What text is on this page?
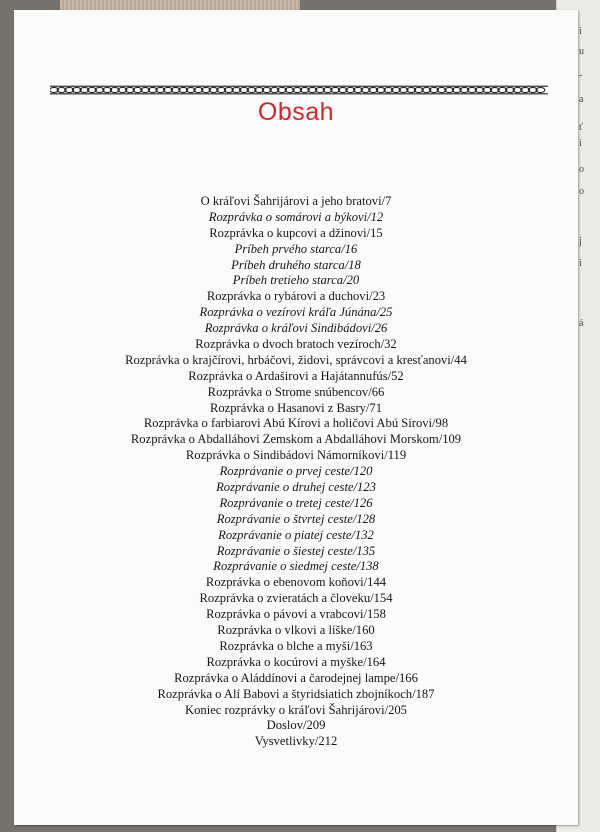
i
u
-
a
ť
í
o
o
j
i
á
Obsah
O kráľovi Šahrijárovi a jeho bratovi/7
Rozprávka o somárovi a býkovi/12
Rozprávka o kupcovi a džinovi/15
Príbeh prvého starca/16
Príbeh druhého starca/18
Príbeh tretieho starca/20
Rozprávka o rybárovi a duchovi/23
Rozprávka o vezírovi kráľa Júnána/25
Rozprávka o kráľovi Sindibádovi/26
Rozprávka o dvoch bratoch vezíroch/32
Rozprávka o krajčírovi, hrbáčovi, židovi, správcovi a kresťanovi/44
Rozprávka o Ardaširovi a Hajátannufús/52
Rozprávka o Strome snúbencov/66
Rozprávka o Hasanovi z Basry/71
Rozprávka o farbiarovi Abú Kírovi a holičovi Abú Sírovi/98
Rozprávka o Abdalláhovi Zemskom a Abdalláhovi Morskom/109
Rozprávka o Sindibádovi Námorníkovi/119
Rozprávanie o prvej ceste/120
Rozprávanie o druhej ceste/123
Rozprávanie o tretej ceste/126
Rozprávanie o štvrtej ceste/128
Rozprávanie o piatej ceste/132
Rozprávanie o šiestej ceste/135
Rozprávanie o siedmej ceste/138
Rozprávka o ebenovom koňovi/144
Rozprávka o zvieratách a človeku/154
Rozprávka o pávovi a vrabcovi/158
Rozprávka o vlkovi a líške/160
Rozprávka o blche a myši/163
Rozprávka o kocúrovi a myške/164
Rozprávka o Aláddínovi a čarodejnej lampe/166
Rozprávka o Alí Babovi a štyridsiatich zbojníkoch/187
Koniec rozprávky o kráľovi Šahrijárovi/205
Doslov/209
Vysvetlivky/212
